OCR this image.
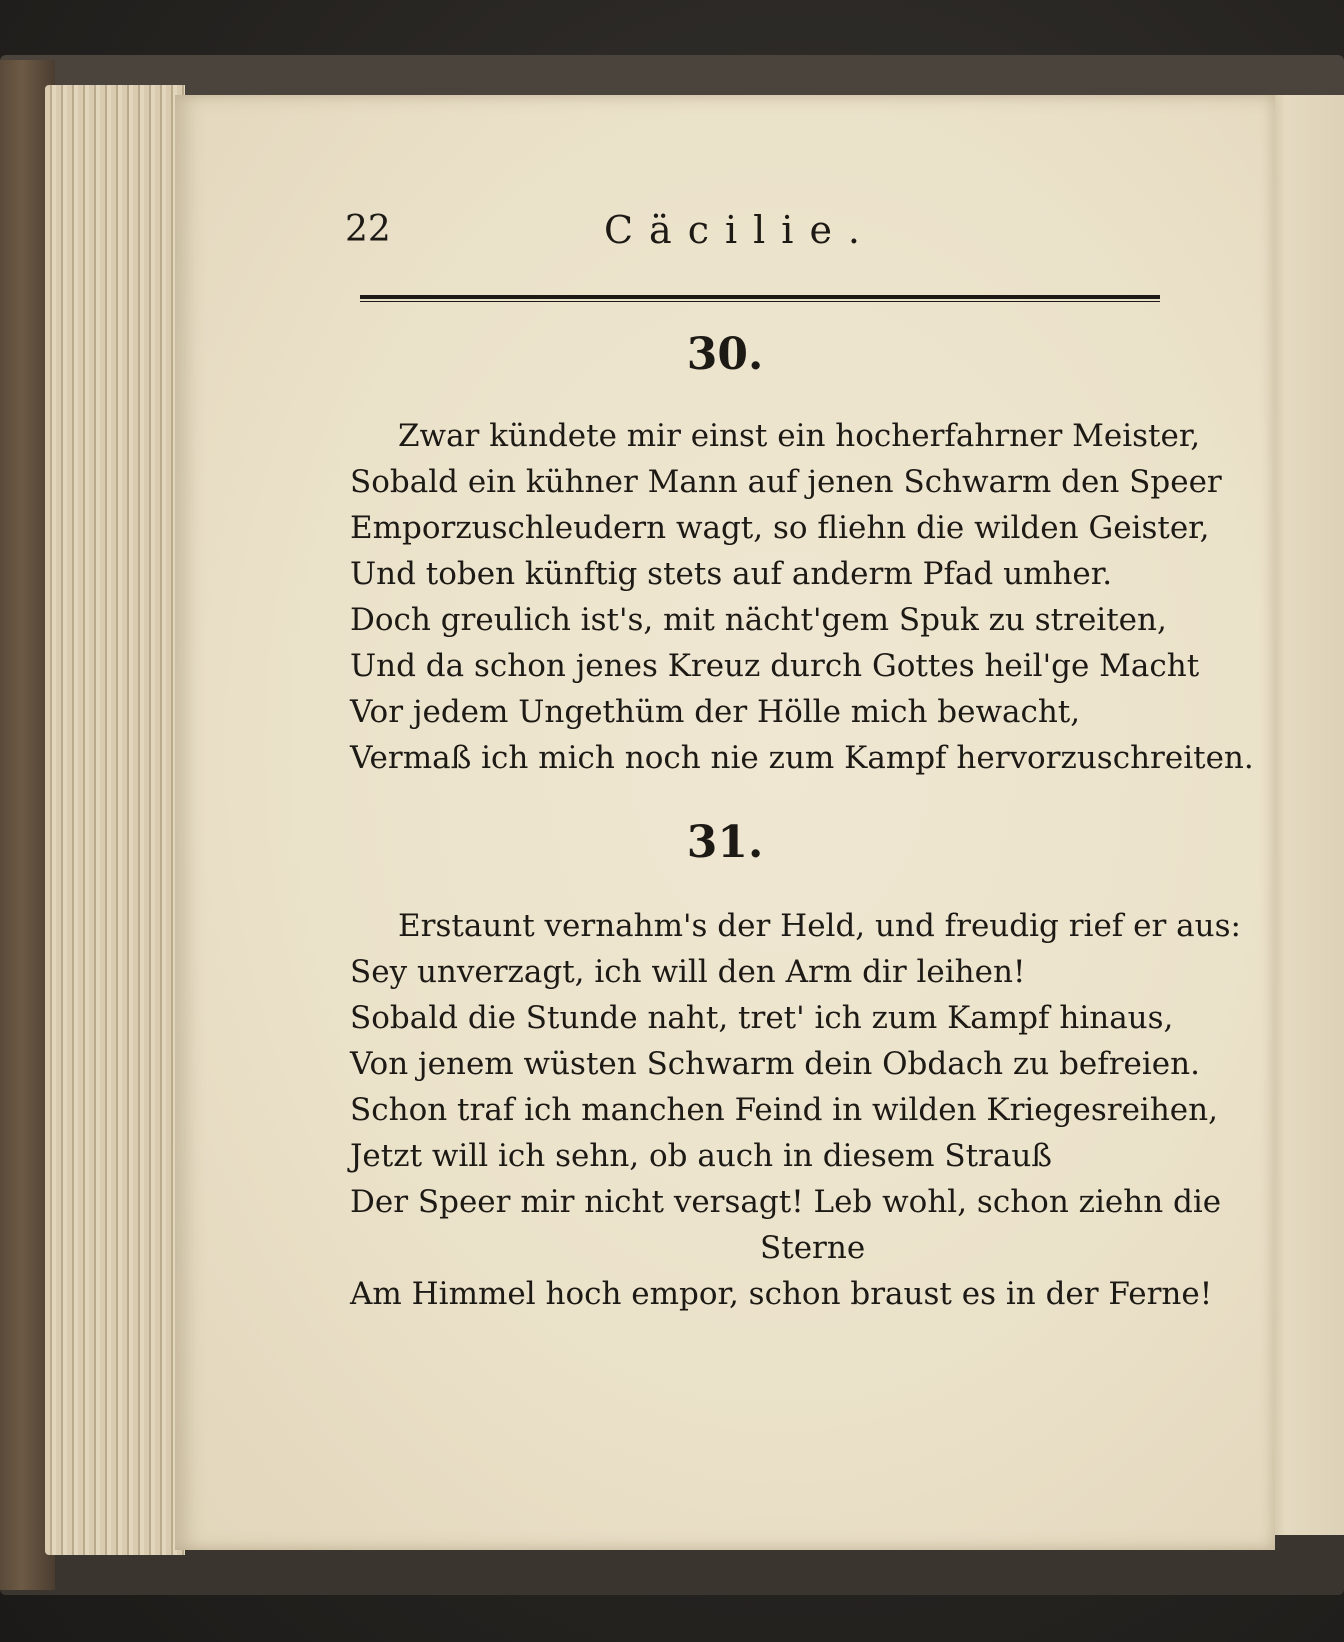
22	Cäcilie.
30.
Zwar kündete mir einst ein hocherfahrner Meister,
Sobald ein kühner Mann auf jenen Schwarm den Speer
Emporzuschleudern wagt, so fliehn die wilden Geister,
Und toben künftig stets auf anderm Pfad umher.
Doch greulich ist's, mit nächt'gem Spuk zu streiten,
Und da schon jenes Kreuz durch Gottes heil'ge Macht
Vor jedem Ungethüm der Hölle mich bewacht,
Vermaß ich mich noch nie zum Kampf hervorzuschreiten.
31.
Erstaunt vernahm's der Held, und freudig rief er aus:
Sey unverzagt, ich will den Arm dir leihen!
Sobald die Stunde naht, tret' ich zum Kampf hinaus,
Von jenem wüsten Schwarm dein Obdach zu befreien.
Schon traf ich manchen Feind in wilden Kriegesreihen,
Jetzt will ich sehn, ob auch in diesem Strauß
Der Speer mir nicht versagt! Leb wohl, schon ziehn die
Sterne
Am Himmel hoch empor, schon braust es in der Ferne!
